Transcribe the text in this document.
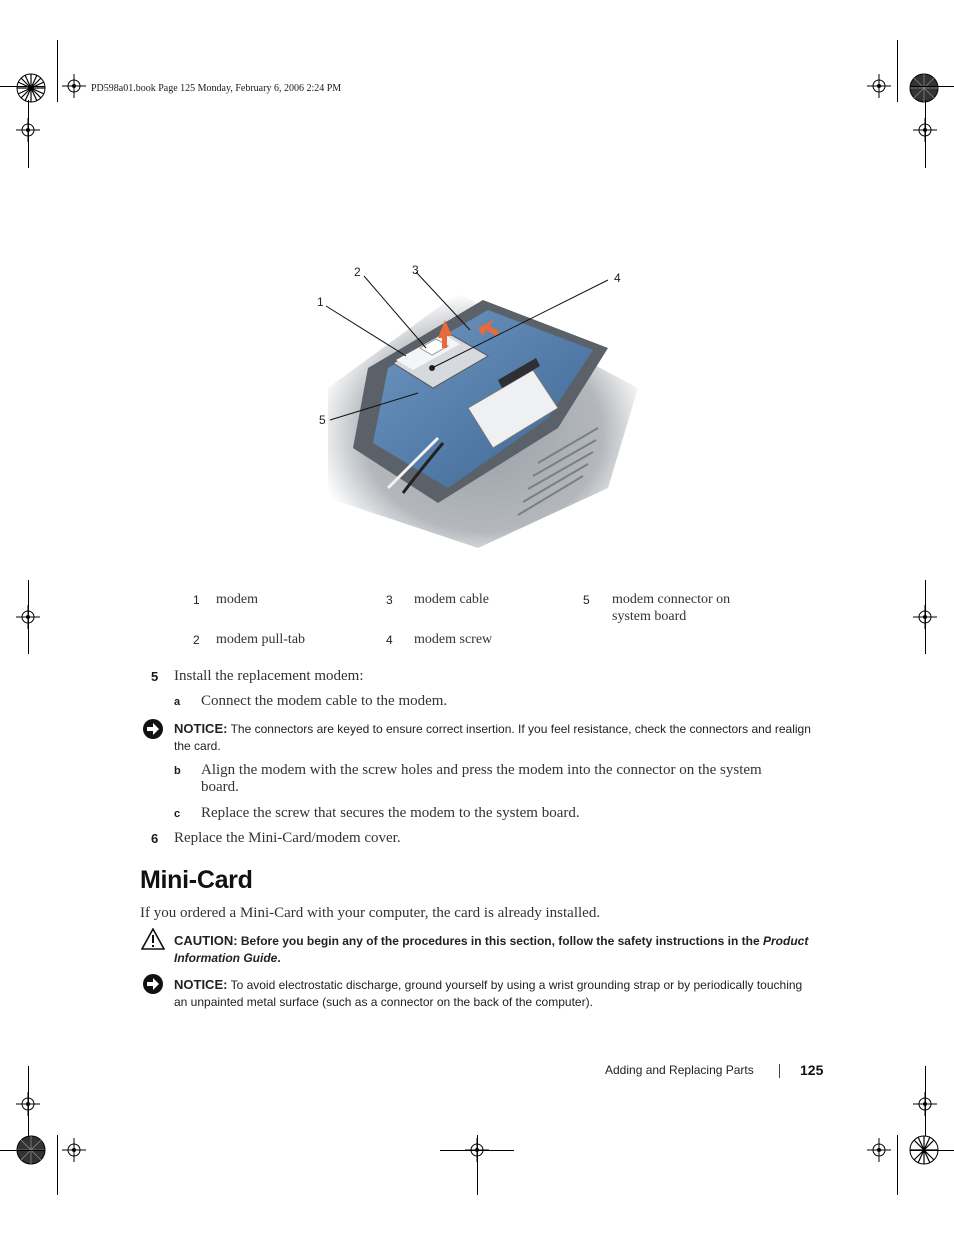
PD598a01.book Page 125 Monday, February 6, 2006 2:24 PM
1
2	3
4
5
1 modem
2 modem pull-tab
3 modem cable
4 modem screw
5 modem connector on
system board
5 Install the replacement modem:
a Connect the modem cable to the modem.
NOTICE: The connectors are keyed to ensure correct insertion. If you feel resistance, check the connectors and realign the card.
b Align the modem with the screw holes and press the modem into the connector on the system
board.
c Replace the screw that secures the modem to the system board.
6 Replace the Mini-Card/modem cover.
Mini-Card
If you ordered a Mini-Card with your computer, the card is already installed.
CAUTION: Before you begin any of the procedures in this section, follow the safety instructions in the Product Information Guide.
NOTICE: To avoid electrostatic discharge, ground yourself by using a wrist grounding strap or by periodically touching an unpainted metal surface (such as a connector on the back of the computer).
Adding and Replacing Parts	125
